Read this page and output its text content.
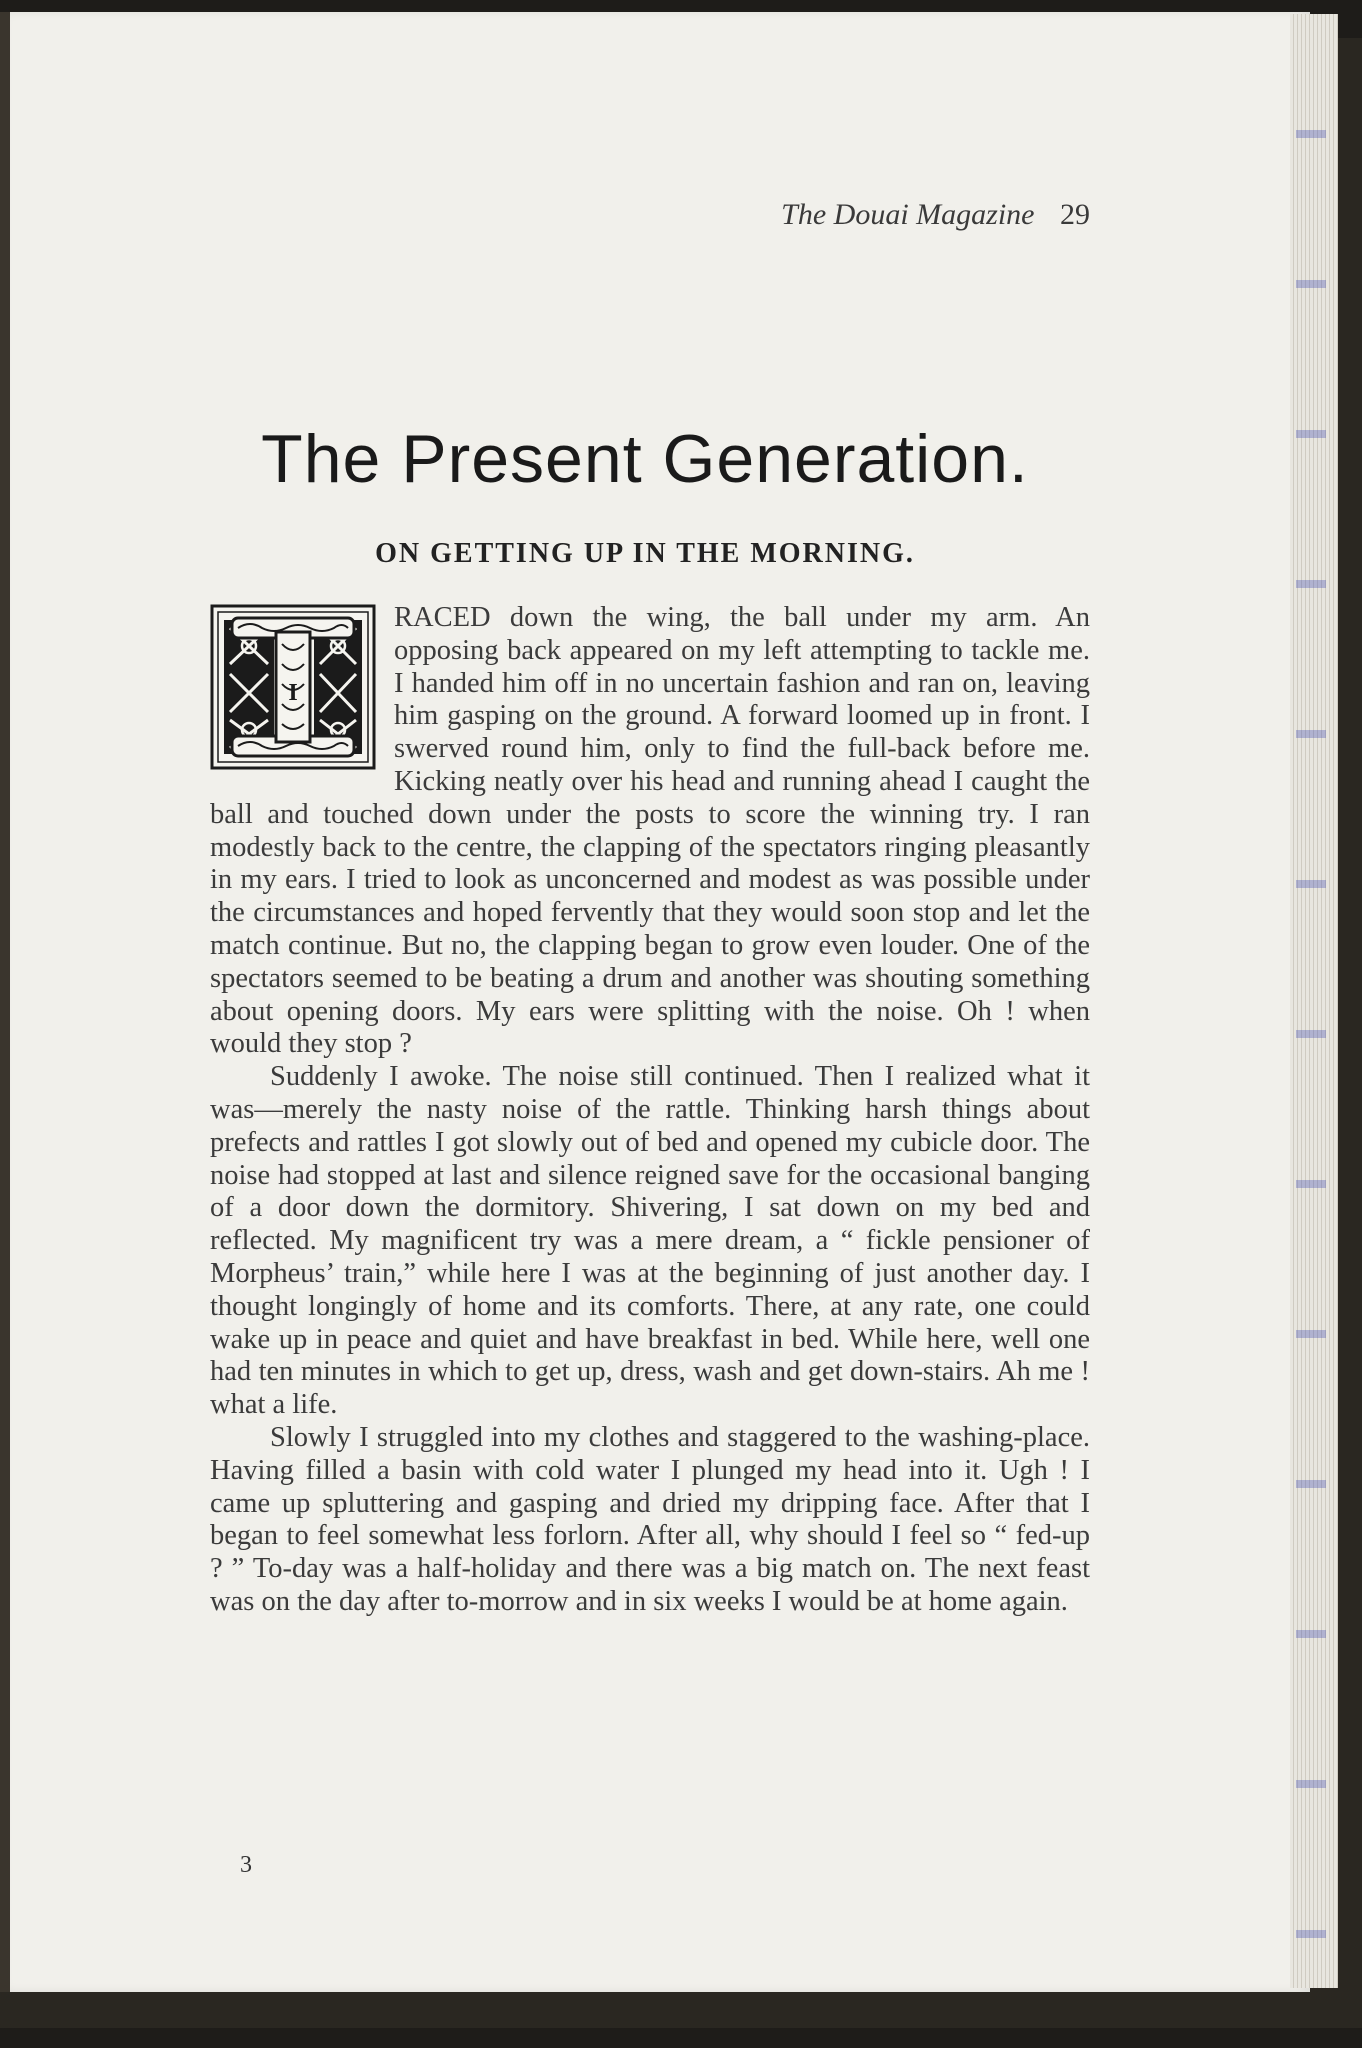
The Douai Magazine 29
The Present Generation.
ON GETTING UP IN THE MORNING.
I

RACED down the wing, the ball under my arm. An opposing back appeared on my left attempting to tackle me. I handed him off in no uncertain fashion and ran on, leaving him gasping on the ground. A forward loomed up in front. I swerved round him, only to find the full-back before me. Kicking neatly over his head and running ahead I caught the ball and touched down under the posts to score the winning try. I ran modestly back to the centre, the clapping of the spectators ringing pleasantly in my ears. I tried to look as unconcerned and modest as was possible under the circumstances and hoped fervently that they would soon stop and let the match continue. But no, the clapping began to grow even louder. One of the spectators seemed to be beating a drum and another was shouting something about opening doors. My ears were splitting with the noise. Oh ! when would they stop ?

Suddenly I awoke. The noise still continued. Then I realized what it was—merely the nasty noise of the rattle. Thinking harsh things about prefects and rattles I got slowly out of bed and opened my cubicle door. The noise had stopped at last and silence reigned save for the occasional banging of a door down the dormitory. Shivering, I sat down on my bed and reflected. My magnificent try was a mere dream, a “ fickle pensioner of Morpheus’ train,” while here I was at the beginning of just another day. I thought longingly of home and its comforts. There, at any rate, one could wake up in peace and quiet and have breakfast in bed. While here, well one had ten minutes in which to get up, dress, wash and get down-stairs. Ah me ! what a life.

Slowly I struggled into my clothes and staggered to the washing-place. Having filled a basin with cold water I plunged my head into it. Ugh ! I came up spluttering and gasping and dried my dripping face. After that I began to feel somewhat less forlorn. After all, why should I feel so “ fed-up ? ” To-day was a half-holiday and there was a big match on. The next feast was on the day after to-morrow and in six weeks I would be at home again.

3
